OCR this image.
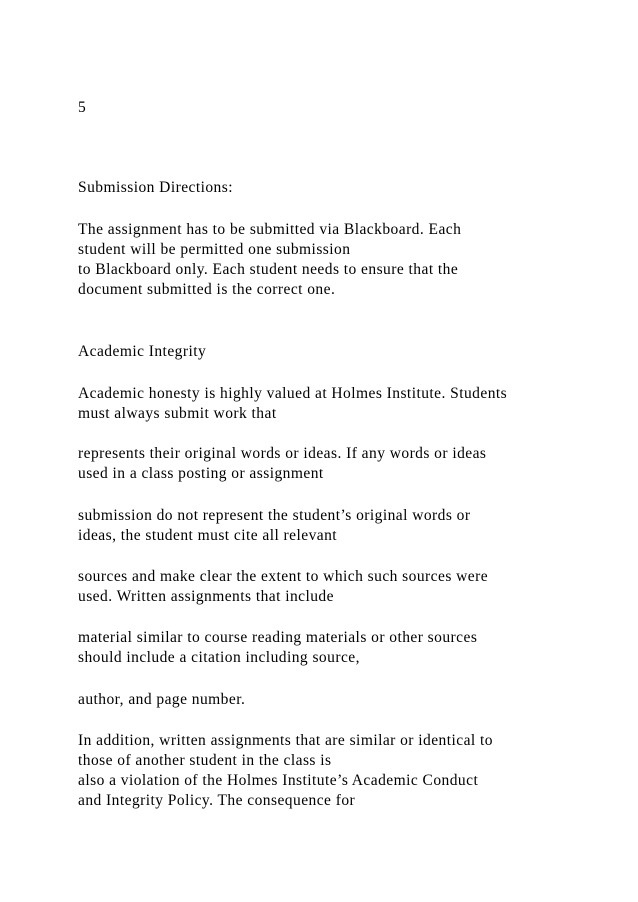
5

Submission Directions:

The assignment has to be submitted via Blackboard. Each

student will be permitted one submission

to Blackboard only. Each student needs to ensure that the

document submitted is the correct one.

Academic Integrity

Academic honesty is highly valued at Holmes Institute. Students

must always submit work that

represents their original words or ideas. If any words or ideas

used in a class posting or assignment

submission do not represent the student’s original words or

ideas, the student must cite all relevant

sources and make clear the extent to which such sources were

used. Written assignments that include

material similar to course reading materials or other sources

should include a citation including source,

author, and page number.

In addition, written assignments that are similar or identical to

those of another student in the class is

also a violation of the Holmes Institute’s Academic Conduct

and Integrity Policy. The consequence for
